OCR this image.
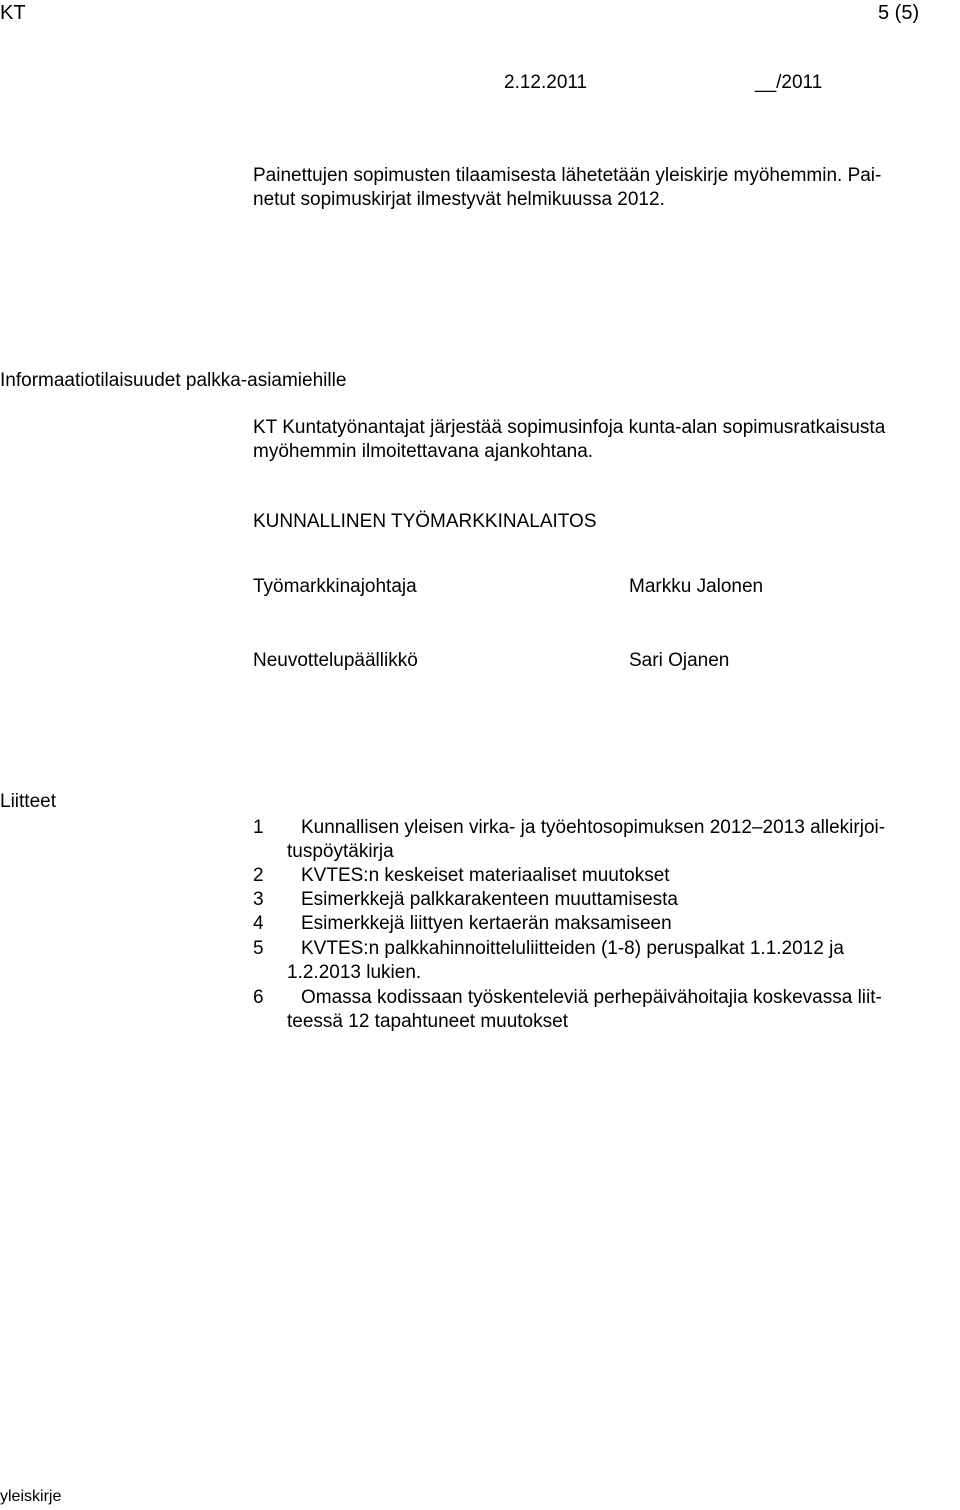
KT	5 (5)
2.12.2011	__/2011
Painettujen sopimusten tilaamisesta lähetetään yleiskirje myöhemmin. Pai-
netut sopimuskirjat ilmestyvät helmikuussa 2012.
Informaatiotilaisuudet palkka-asiamiehille
KT Kuntatyönantajat järjestää sopimusinfoja kunta-alan sopimusratkaisusta
myöhemmin ilmoitettavana ajankohtana.
KUNNALLINEN TYÖMARKKINALAITOS
Työmarkkinajohtaja	Markku Jalonen
Neuvottelupäällikkö	Sari Ojanen
Liitteet
1 Kunnallisen yleisen virka- ja työehtosopimuksen 2012–2013 allekirjoi-
tuspöytäkirja
2 KVTES:n keskeiset materiaaliset muutokset
3 Esimerkkejä palkkarakenteen muuttamisesta
4 Esimerkkejä liittyen kertaerän maksamiseen
5 KVTES:n palkkahinnoitteluliitteiden (1-8) peruspalkat 1.1.2012 ja
1.2.2013 lukien.
6 Omassa kodissaan työskenteleviä perhepäivähoitajia koskevassa liit-
teessä 12 tapahtuneet muutokset
yleiskirje
